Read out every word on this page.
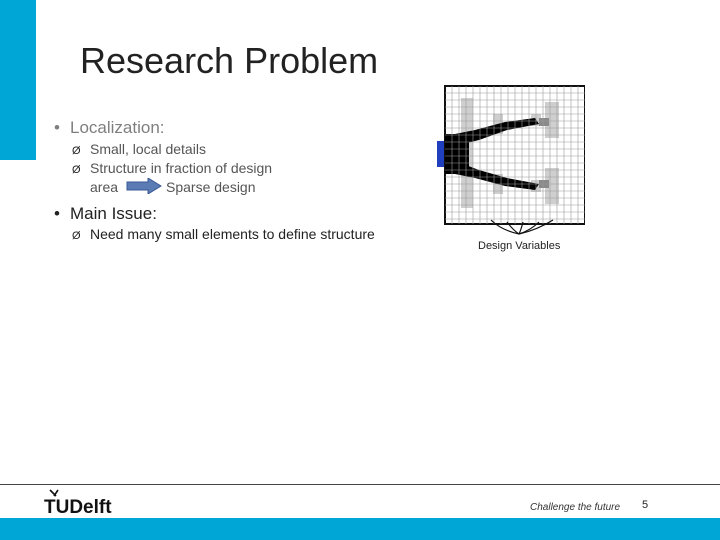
Research Problem
• Localization:
Ø Small, local details
Ø Structure in fraction of design
area	Sparse design
• Main Issue:
Ø Need many small elements to define structure
Design Variables
TUDelft	Challenge the future 5
